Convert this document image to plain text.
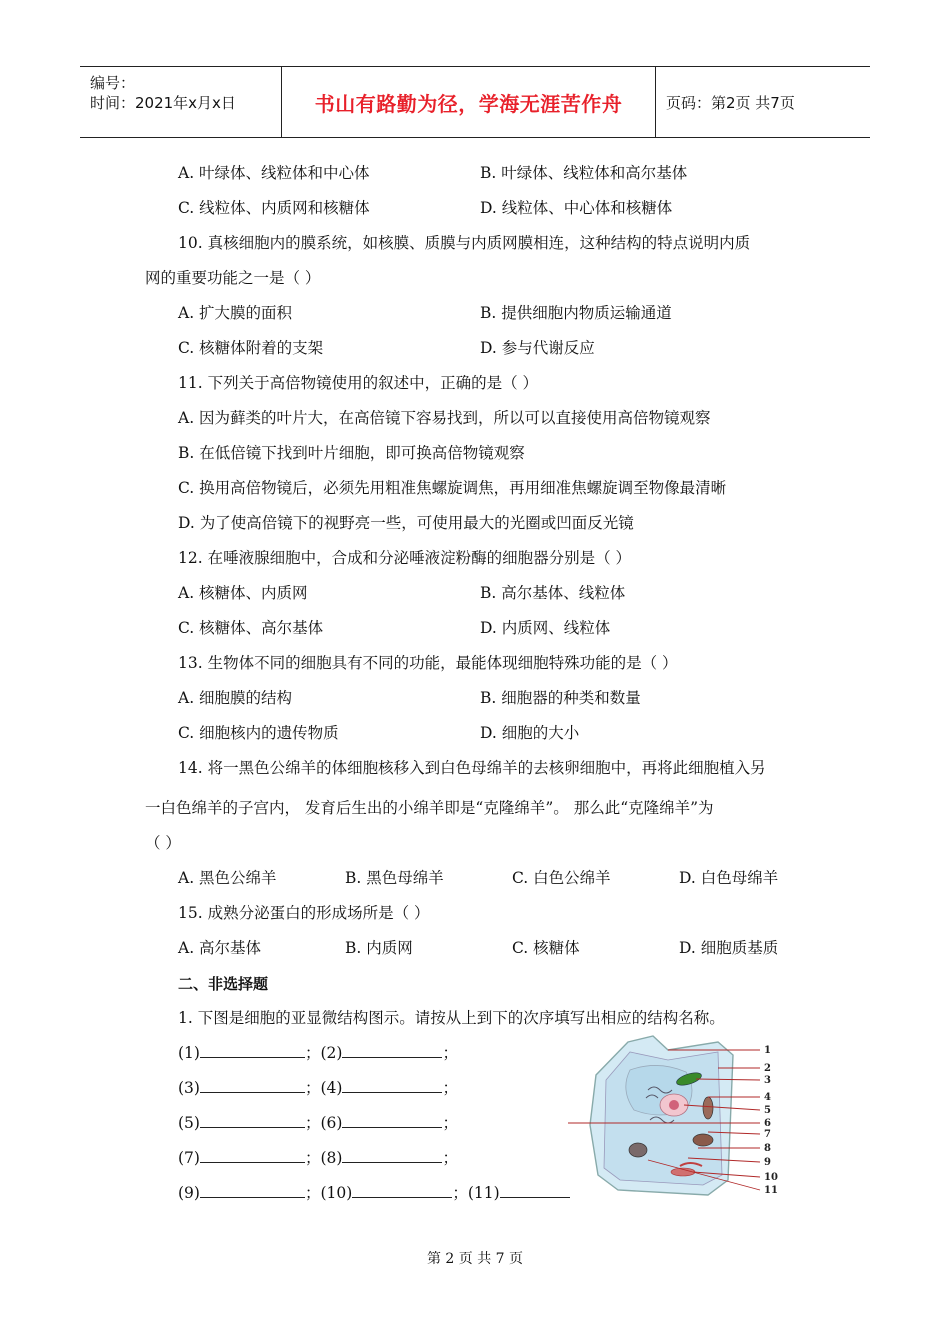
编号：
时间：2021年x月x日	书山有路勤为径，学海无涯苦作舟	页码：第2页 共7页
A. 叶绿体、线粒体和中心体	B. 叶绿体、线粒体和高尔基体
C. 线粒体、内质网和核糖体	D. 线粒体、中心体和核糖体
10. 真核细胞内的膜系统，如核膜、质膜与内质网膜相连，这种结构的特点说明内质
网的重要功能之一是（ ）
A. 扩大膜的面积	B. 提供细胞内物质运输通道
C. 核糖体附着的支架	D. 参与代谢反应
11. 下列关于高倍物镜使用的叙述中，正确的是（ ）
A. 因为藓类的叶片大，在高倍镜下容易找到，所以可以直接使用高倍物镜观察
B. 在低倍镜下找到叶片细胞，即可换高倍物镜观察
C. 换用高倍物镜后，必须先用粗准焦螺旋调焦，再用细准焦螺旋调至物像最清晰
D. 为了使高倍镜下的视野亮一些，可使用最大的光圈或凹面反光镜
12. 在唾液腺细胞中，合成和分泌唾液淀粉酶的细胞器分别是（ ）
A. 核糖体、内质网	B. 高尔基体、线粒体
C. 核糖体、高尔基体	D. 内质网、线粒体
13. 生物体不同的细胞具有不同的功能，最能体现细胞特殊功能的是（ ）
A. 细胞膜的结构	B. 细胞器的种类和数量
C. 细胞核内的遗传物质	D. 细胞的大小
14. 将一黑色公绵羊的体细胞核移入到白色母绵羊的去核卵细胞中，再将此细胞植入另
一白色绵羊的子宫内， 发育后生出的小绵羊即是“克隆绵羊”。 那么此“克隆绵羊”为
（ ）
A. 黑色公绵羊	B. 黑色母绵羊	C. 白色公绵羊	D. 白色母绵羊
15. 成熟分泌蛋白的形成场所是（ ）
A. 高尔基体	B. 内质网	C. 核糖体	D. 细胞质基质
二、非选择题
1. 下图是细胞的亚显微结构图示。请按从上到下的次序填写出相应的结构名称。
(1)	；(2)	；
(3)	；(4)	；
(5)	；(6)	；
(7)	；(8)	；
(9)	；(10)	；(11)
1
2
3
4
5
6
7
8
9
10
11
第 2 页 共 7 页
